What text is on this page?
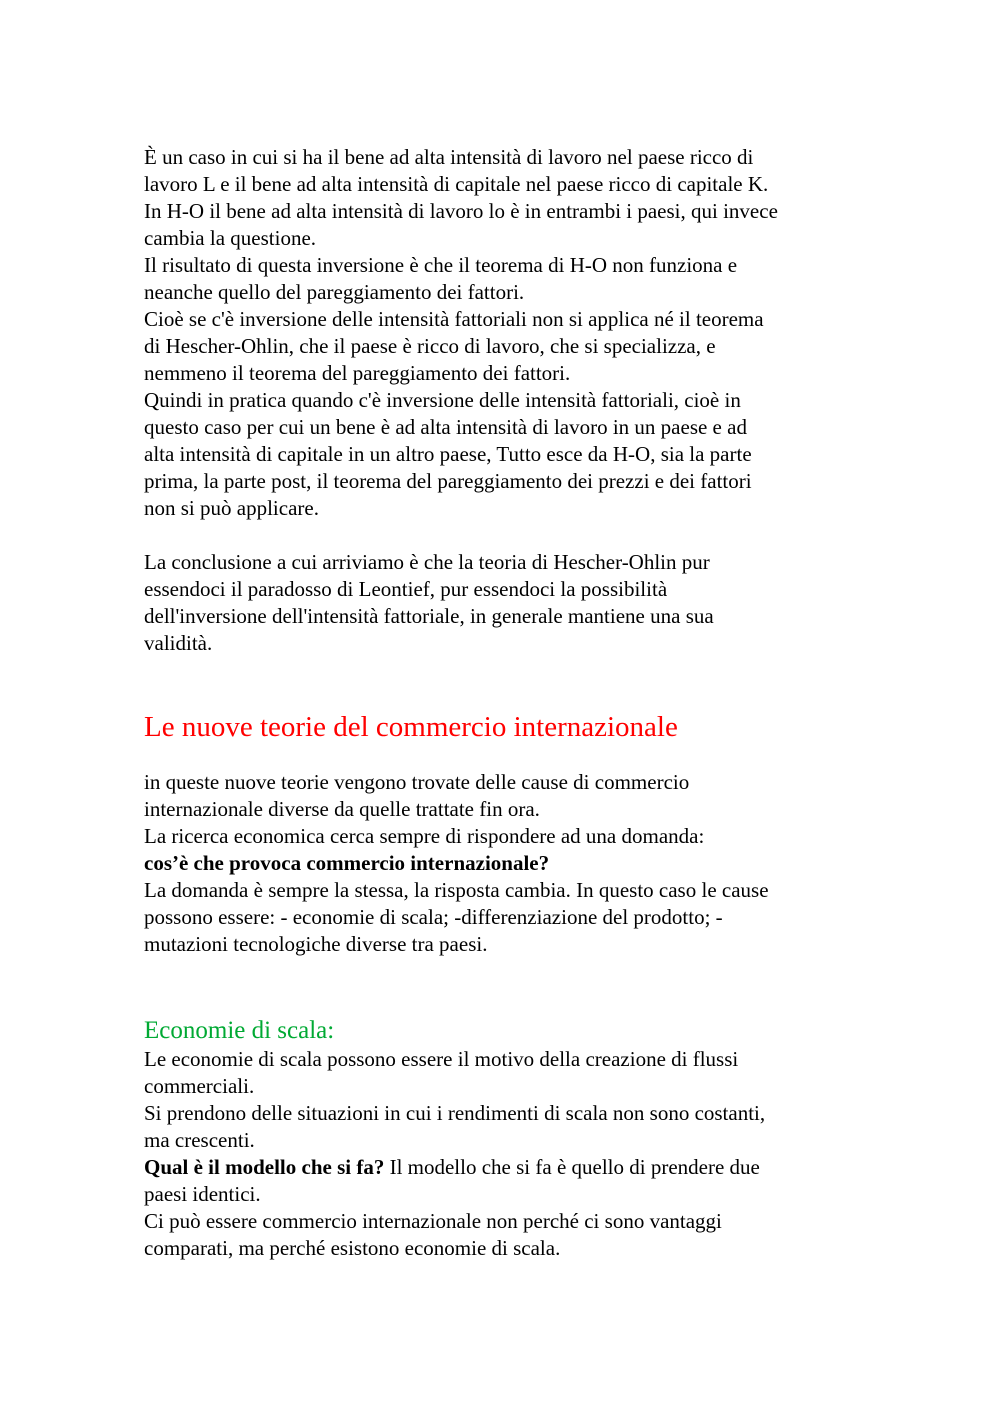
È un caso in cui si ha il bene ad alta intensità di lavoro nel paese ricco di
lavoro L e il bene ad alta intensità di capitale nel paese ricco di capitale K.
In H-O il bene ad alta intensità di lavoro lo è in entrambi i paesi, qui invece
cambia la questione.
Il risultato di questa inversione è che il teorema di H-O non funziona e
neanche quello del pareggiamento dei fattori.
Cioè se c'è inversione delle intensità fattoriali non si applica né il teorema
di Hescher-Ohlin, che il paese è ricco di lavoro, che si specializza, e
nemmeno il teorema del pareggiamento dei fattori.
Quindi in pratica quando c'è inversione delle intensità fattoriali, cioè in
questo caso per cui un bene è ad alta intensità di lavoro in un paese e ad
alta intensità di capitale in un altro paese, Tutto esce da H-O, sia la parte
prima, la parte post, il teorema del pareggiamento dei prezzi e dei fattori
non si può applicare.
La conclusione a cui arriviamo è che la teoria di Hescher-Ohlin pur
essendoci il paradosso di Leontief, pur essendoci la possibilità
dell'inversione dell'intensità fattoriale, in generale mantiene una sua
validità.
Le nuove teorie del commercio internazionale
in queste nuove teorie vengono trovate delle cause di commercio
internazionale diverse da quelle trattate fin ora.
La ricerca economica cerca sempre di rispondere ad una domanda:
cos’è che provoca commercio internazionale?
La domanda è sempre la stessa, la risposta cambia. In questo caso le cause
possono essere: - economie di scala; -differenziazione del prodotto; -
mutazioni tecnologiche diverse tra paesi.
Economie di scala:
Le economie di scala possono essere il motivo della creazione di flussi
commerciali.
Si prendono delle situazioni in cui i rendimenti di scala non sono costanti,
ma crescenti.
Qual è il modello che si fa? Il modello che si fa è quello di prendere due
paesi identici.
Ci può essere commercio internazionale non perché ci sono vantaggi
comparati, ma perché esistono economie di scala.
